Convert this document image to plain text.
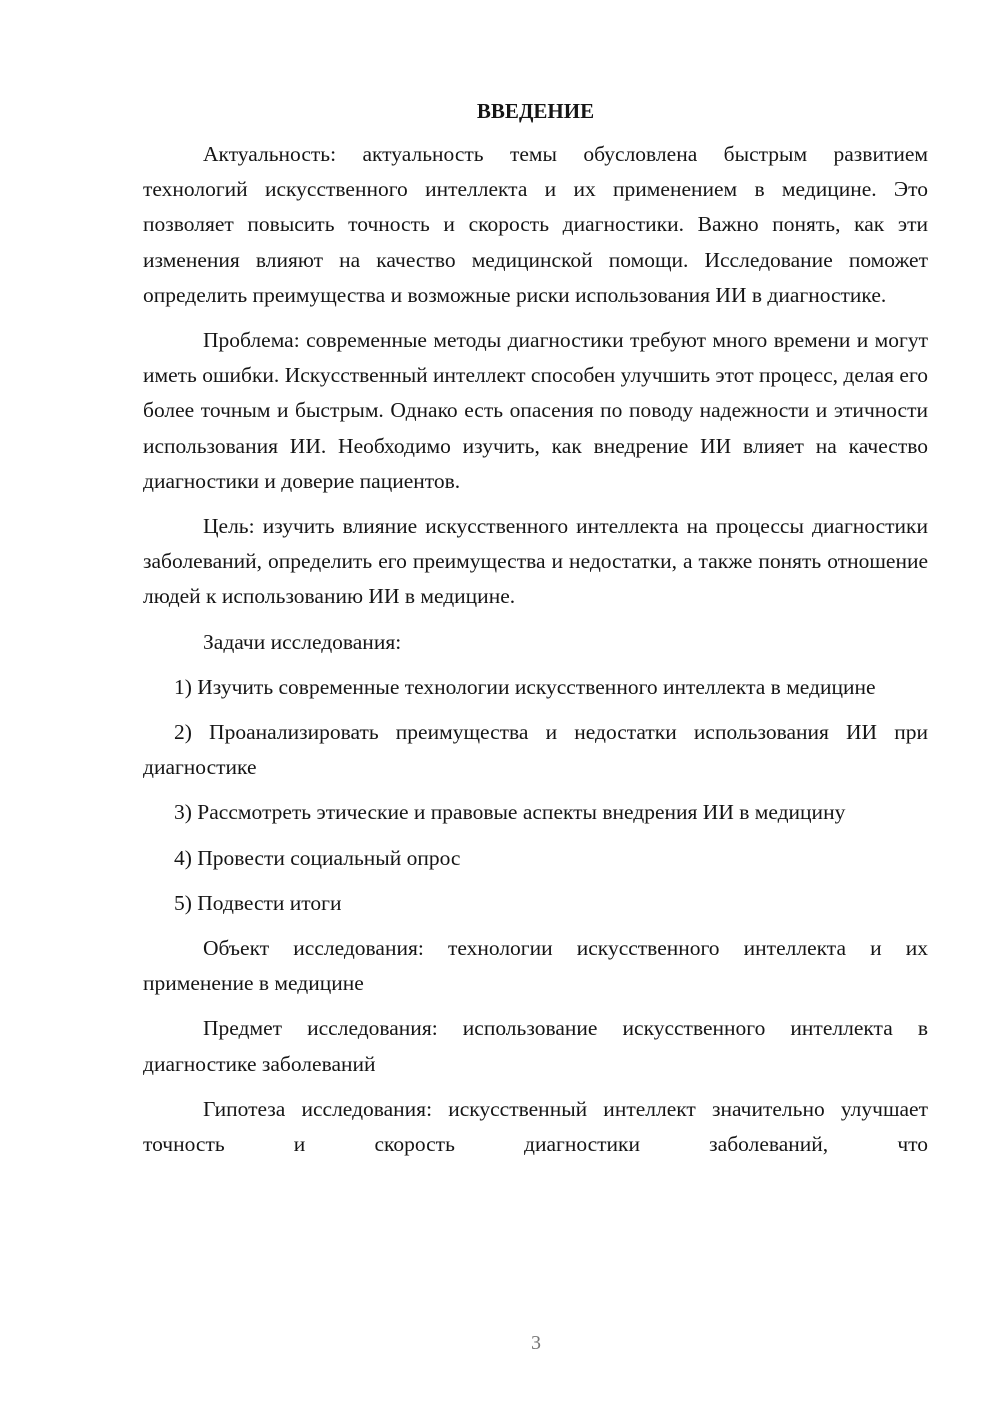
ВВЕДЕНИЕ

Актуальность: актуальность темы обусловлена быстрым развитием технологий искусственного интеллекта и их применением в медицине. Это позволяет повысить точность и скорость диагностики. Важно понять, как эти изменения влияют на качество медицинской помощи. Исследование поможет определить преимущества и возможные риски использования ИИ в диагностике.

Проблема: современные методы диагностики требуют много времени и могут иметь ошибки. Искусственный интеллект способен улучшить этот процесс, делая его более точным и быстрым. Однако есть опасения по поводу надежности и этичности использования ИИ. Необходимо изучить, как внедрение ИИ влияет на качество диагностики и доверие пациентов.

Цель: изучить влияние искусственного интеллекта на процессы диагностики заболеваний, определить его преимущества и недостатки, а также понять отношение людей к использованию ИИ в медицине.

Задачи исследования:

1) Изучить современные технологии искусственного интеллекта в медицине

2) Проанализировать преимущества и недостатки использования ИИ при диагностике

3) Рассмотреть этические и правовые аспекты внедрения ИИ в медицину

4) Провести социальный опрос

5) Подвести итоги

Объект исследования: технологии искусственного интеллекта и их применение в медицине

Предмет исследования: использование искусственного интеллекта в диагностике заболеваний

Гипотеза исследования: искусственный интеллект значительно улучшает точность и скорость диагностики заболеваний, что

3
